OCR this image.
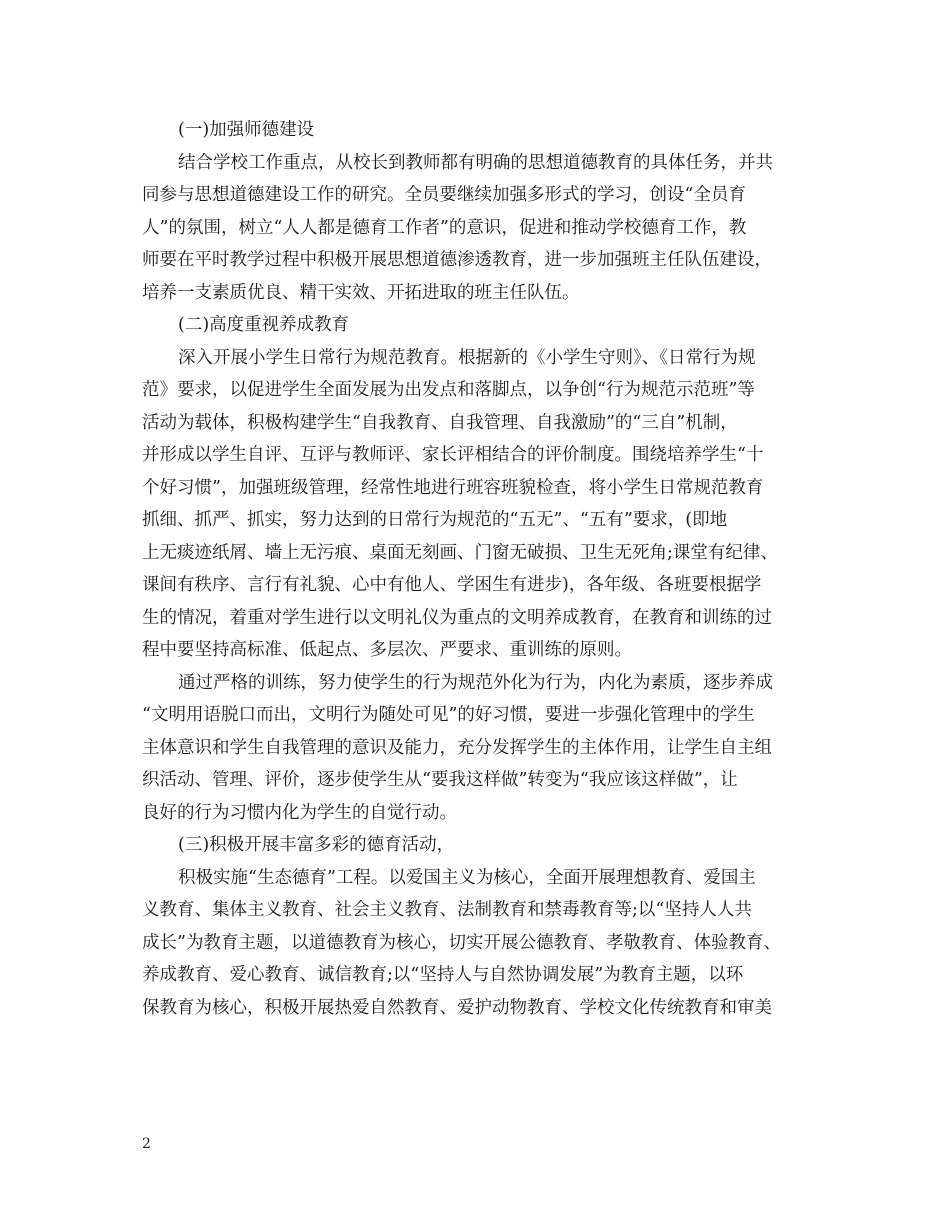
(一)加强师德建设
结合学校工作重点，从校长到教师都有明确的思想道德教育的具体任务，并共
同参与思想道德建设工作的研究。全员要继续加强多形式的学习，创设“全员育
人”的氛围，树立“人人都是德育工作者”的意识，促进和推动学校德育工作，教
师要在平时教学过程中积极开展思想道德渗透教育，进一步加强班主任队伍建设，
培养一支素质优良、精干实效、开拓进取的班主任队伍。
(二)高度重视养成教育
深入开展小学生日常行为规范教育。根据新的《小学生守则》、《日常行为规
范》要求，以促进学生全面发展为出发点和落脚点，以争创“行为规范示范班”等
活动为载体，积极构建学生“自我教育、自我管理、自我激励”的“三自”机制，
并形成以学生自评、互评与教师评、家长评相结合的评价制度。围绕培养学生“十
个好习惯”，加强班级管理，经常性地进行班容班貌检查，将小学生日常规范教育
抓细、抓严、抓实，努力达到的日常行为规范的“五无”、“五有”要求，(即地
上无痰迹纸屑、墙上无污痕、桌面无刻画、门窗无破损、卫生无死角;课堂有纪律、
课间有秩序、言行有礼貌、心中有他人、学困生有进步)，各年级、各班要根据学
生的情况，着重对学生进行以文明礼仪为重点的文明养成教育，在教育和训练的过
程中要坚持高标准、低起点、多层次、严要求、重训练的原则。
通过严格的训练，努力使学生的行为规范外化为行为，内化为素质，逐步养成
“文明用语脱口而出，文明行为随处可见”的好习惯，要进一步强化管理中的学生
主体意识和学生自我管理的意识及能力，充分发挥学生的主体作用，让学生自主组
织活动、管理、评价，逐步使学生从“要我这样做”转变为“我应该这样做”，让
良好的行为习惯内化为学生的自觉行动。
(三)积极开展丰富多彩的德育活动，
积极实施“生态德育”工程。以爱国主义为核心，全面开展理想教育、爱国主
义教育、集体主义教育、社会主义教育、法制教育和禁毒教育等;以“坚持人人共
成长”为教育主题，以道德教育为核心，切实开展公德教育、孝敬教育、体验教育、
养成教育、爱心教育、诚信教育;以“坚持人与自然协调发展”为教育主题，以环
保教育为核心，积极开展热爱自然教育、爱护动物教育、学校文化传统教育和审美
2
